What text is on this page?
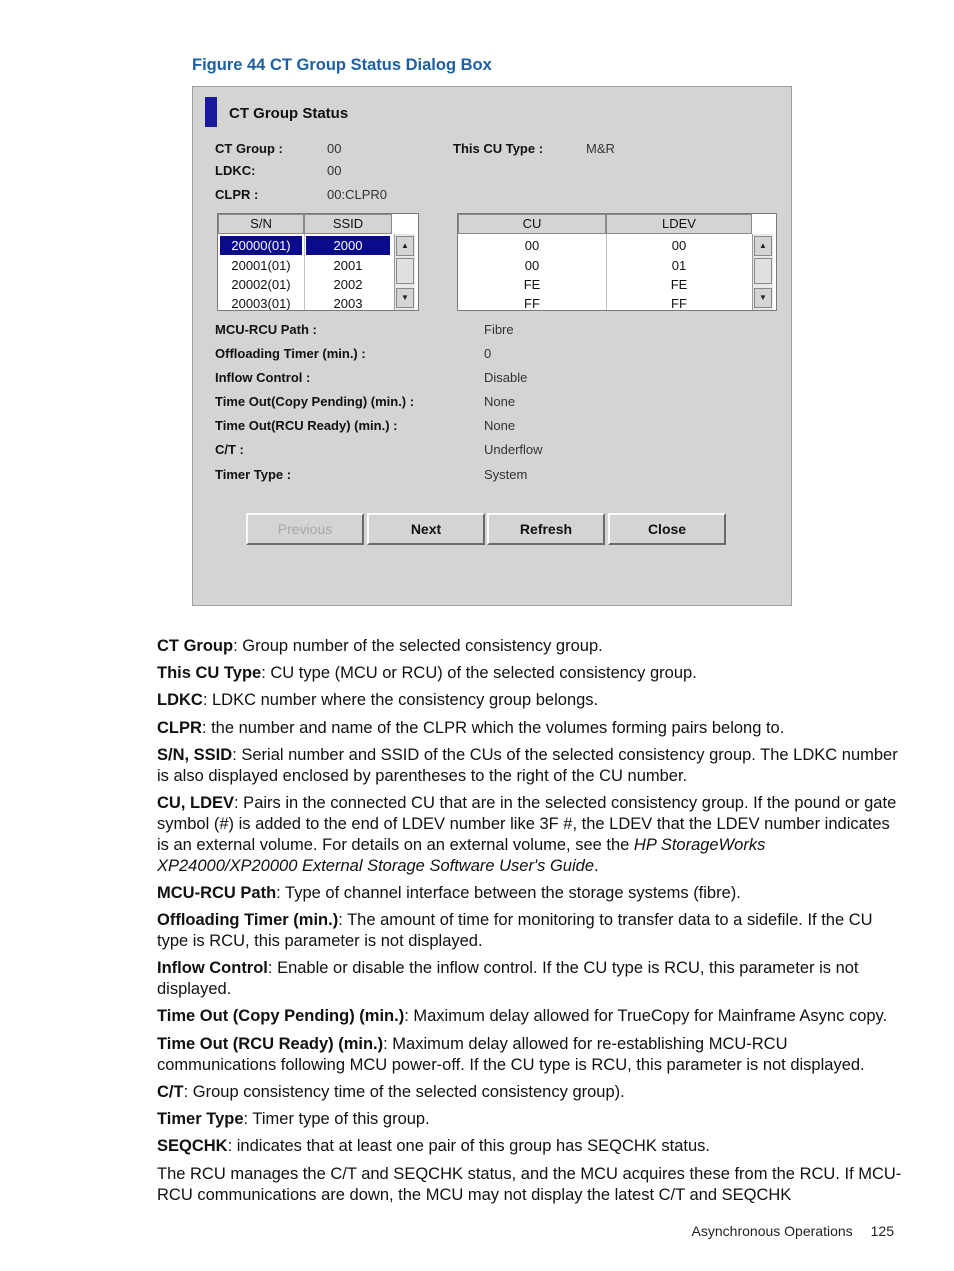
Figure 44 CT Group Status Dialog Box
CT Group Status
CT Group :	00
LDKC:	00
CLPR :	00:CLPR0
This CU Type :	M&R
S/N	SSID
20000(01)	2000
20001(01)	2001
20002(01)	2002
20003(01)	2003
▲
▼
CU	LDEV
00	00
00	01
FE	FE
FF	FF
▲
▼
MCU-RCU Path :	Fibre
Offloading Timer (min.) :	0
Inflow Control :	Disable
Time Out(Copy Pending) (min.) :	None
Time Out(RCU Ready) (min.) :	None
C/T :	Underflow
Timer Type :	System
Previous	Next	Refresh	Close

CT Group: Group number of the selected consistency group.

This CU Type: CU type (MCU or RCU) of the selected consistency group.

LDKC: LDKC number where the consistency group belongs.

CLPR: the number and name of the CLPR which the volumes forming pairs belong to.

S/N, SSID: Serial number and SSID of the CUs of the selected consistency group. The LDKC number is also displayed enclosed by parentheses to the right of the CU number.

CU, LDEV: Pairs in the connected CU that are in the selected consistency group. If the pound or gate symbol (#) is added to the end of LDEV number like 3F #, the LDEV that the LDEV number indicates is an external volume. For details on an external volume, see the HP StorageWorks XP24000/XP20000 External Storage Software User's Guide.

MCU-RCU Path: Type of channel interface between the storage systems (fibre).

Offloading Timer (min.): The amount of time for monitoring to transfer data to a sidefile. If the CU type is RCU, this parameter is not displayed.

Inflow Control: Enable or disable the inflow control. If the CU type is RCU, this parameter is not displayed.

Time Out (Copy Pending) (min.): Maximum delay allowed for TrueCopy for Mainframe Async copy.

Time Out (RCU Ready) (min.): Maximum delay allowed for re-establishing MCU-RCU communications following MCU power-off. If the CU type is RCU, this parameter is not displayed.

C/T: Group consistency time of the selected consistency group).

Timer Type: Timer type of this group.

SEQCHK: indicates that at least one pair of this group has SEQCHK status.

The RCU manages the C/T and SEQCHK status, and the MCU acquires these from the RCU. If MCU-RCU communications are down, the MCU may not display the latest C/T and SEQCHK

Asynchronous Operations 125
